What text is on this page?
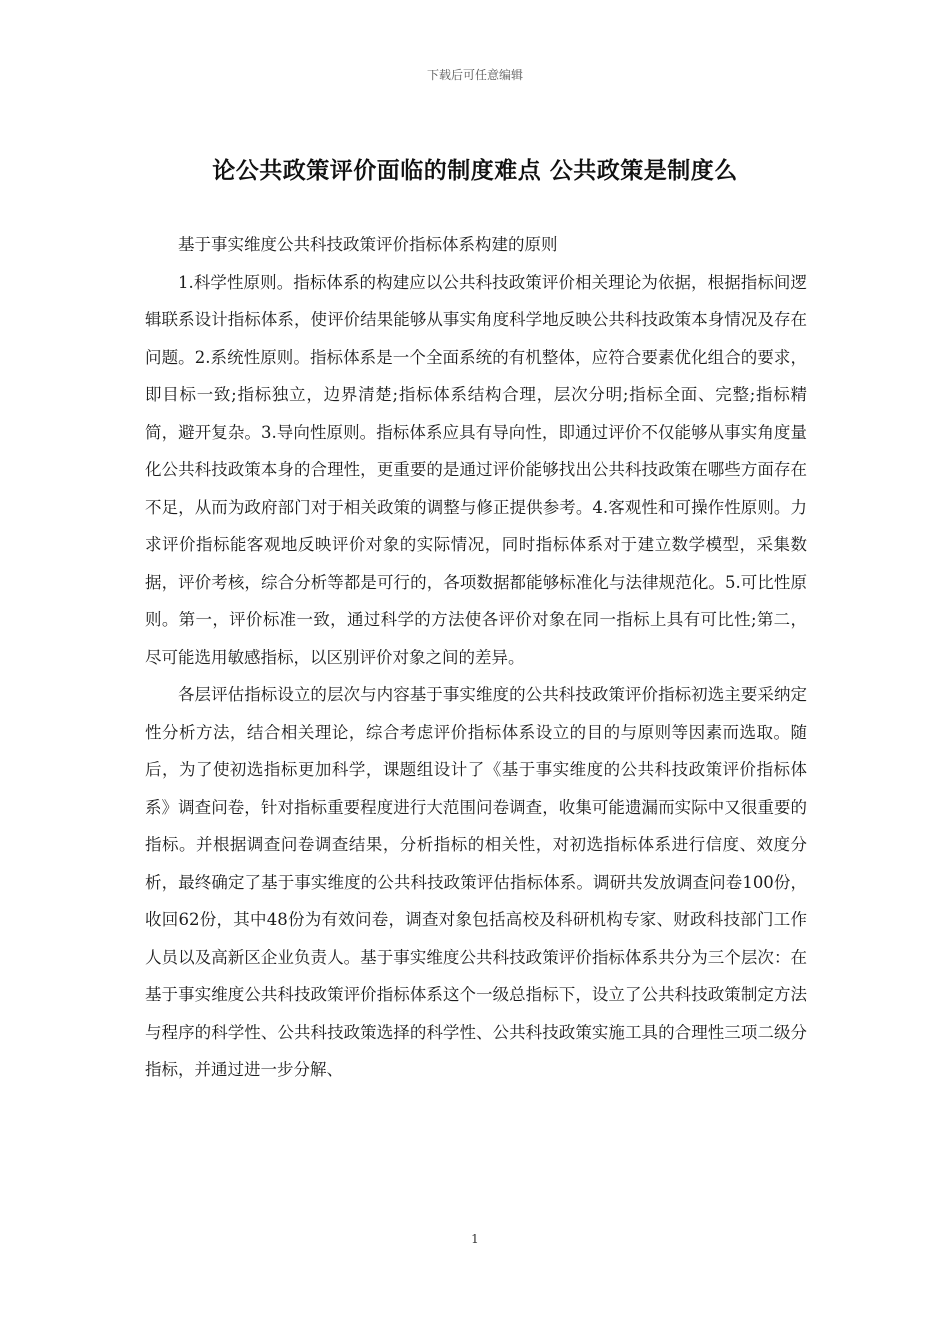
下载后可任意编辑
论公共政策评价面临的制度难点 公共政策是制度么

基于事实维度公共科技政策评价指标体系构建的原则

1.科学性原则。指标体系的构建应以公共科技政策评价相关理论为依据，根据指标间逻辑联系设计指标体系，使评价结果能够从事实角度科学地反映公共科技政策本身情况及存在问题。2.系统性原则。指标体系是一个全面系统的有机整体，应符合要素优化组合的要求，即目标一致;指标独立，边界清楚;指标体系结构合理，层次分明;指标全面、完整;指标精简，避开复杂。3.导向性原则。指标体系应具有导向性，即通过评价不仅能够从事实角度量化公共科技政策本身的合理性，更重要的是通过评价能够找出公共科技政策在哪些方面存在不足，从而为政府部门对于相关政策的调整与修正提供参考。4.客观性和可操作性原则。力求评价指标能客观地反映评价对象的实际情况，同时指标体系对于建立数学模型，采集数据，评价考核，综合分析等都是可行的，各项数据都能够标准化与法律规范化。5.可比性原则。第一，评价标准一致，通过科学的方法使各评价对象在同一指标上具有可比性;第二，尽可能选用敏感指标，以区别评价对象之间的差异。

各层评估指标设立的层次与内容基于事实维度的公共科技政策评价指标初选主要采纳定性分析方法，结合相关理论，综合考虑评价指标体系设立的目的与原则等因素而选取。随后，为了使初选指标更加科学，课题组设计了《基于事实维度的公共科技政策评价指标体系》调查问卷，针对指标重要程度进行大范围问卷调查，收集可能遗漏而实际中又很重要的指标。并根据调查问卷调查结果，分析指标的相关性，对初选指标体系进行信度、效度分析，最终确定了基于事实维度的公共科技政策评估指标体系。调研共发放调查问卷100份，收回62份，其中48份为有效问卷，调查对象包括高校及科研机构专家、财政科技部门工作人员以及高新区企业负责人。基于事实维度公共科技政策评价指标体系共分为三个层次：在基于事实维度公共科技政策评价指标体系这个一级总指标下，设立了公共科技政策制定方法与程序的科学性、公共科技政策选择的科学性、公共科技政策实施工具的合理性三项二级分指标，并通过进一步分解、

1
